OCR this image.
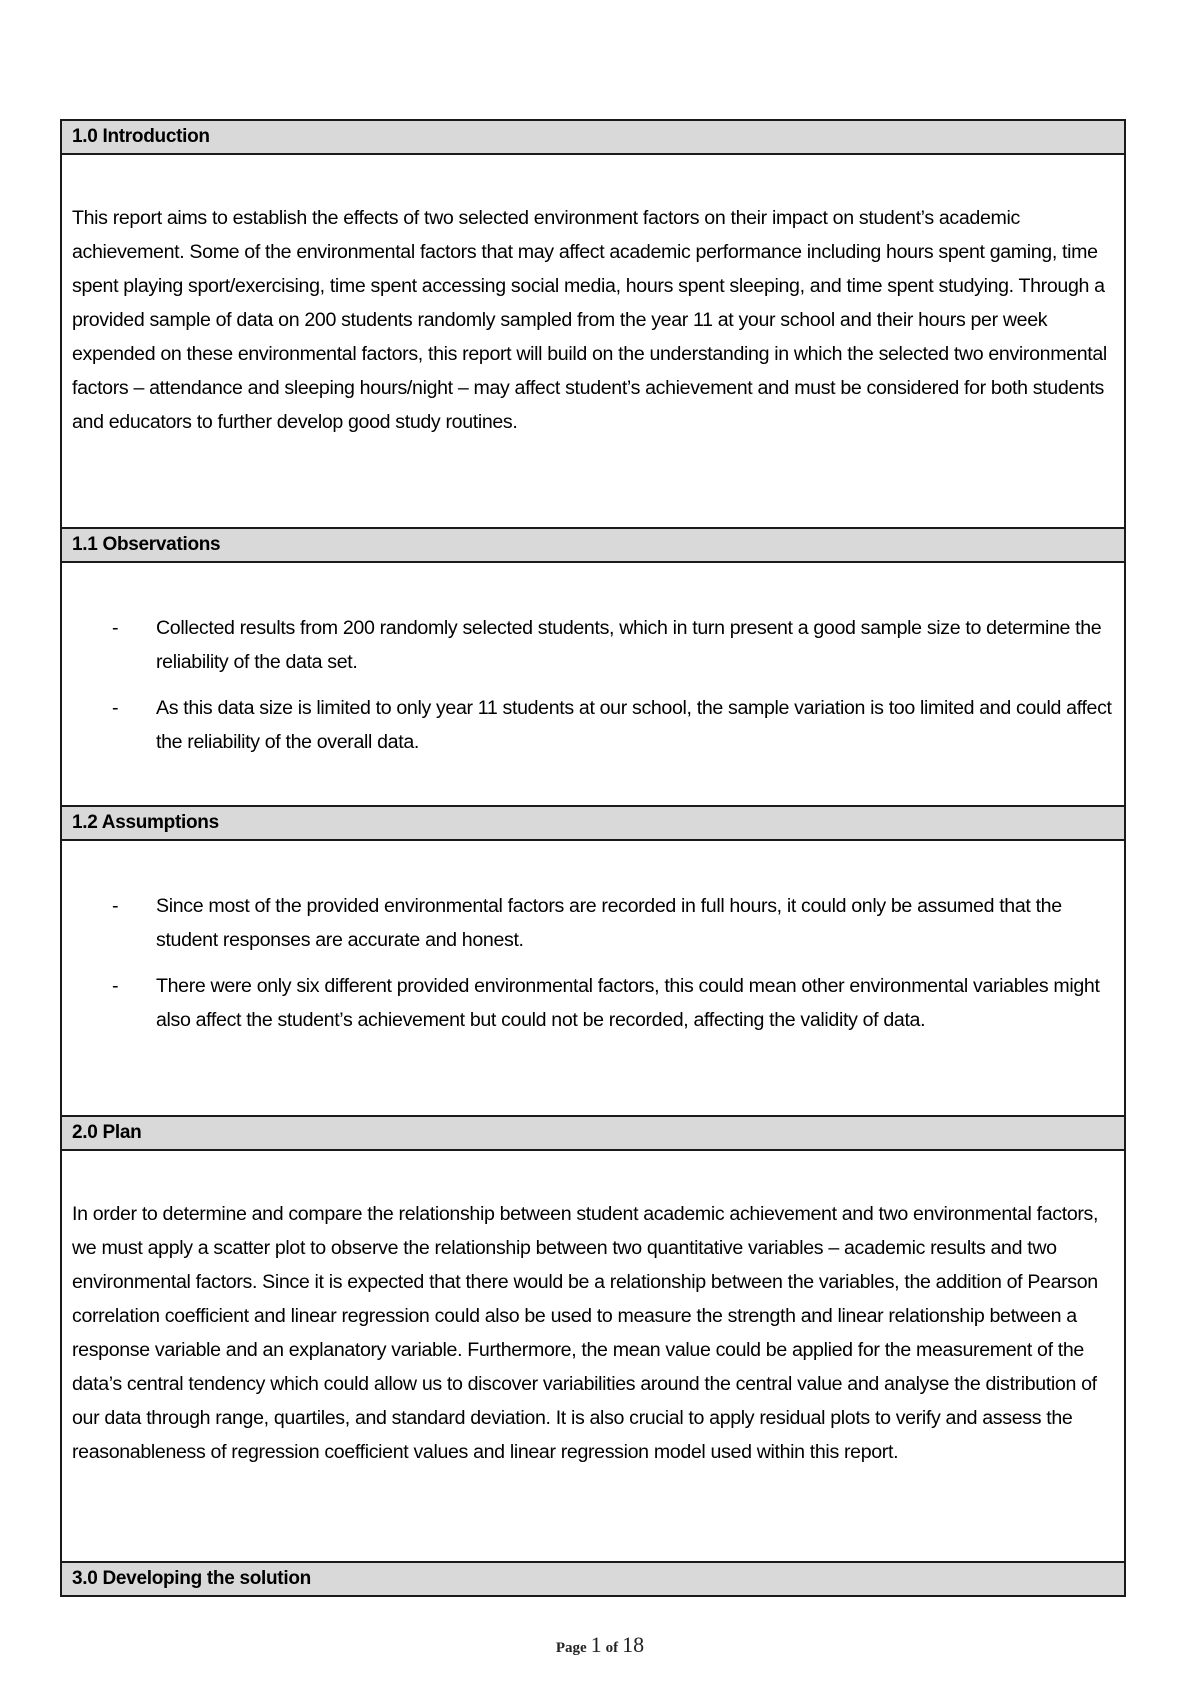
1.0 Introduction

This report aims to establish the effects of two selected environment factors on their impact on student’s academic achievement. Some of the environmental factors that may affect academic performance including hours spent gaming, time spent playing sport/exercising, time spent accessing social media, hours spent sleeping, and time spent studying. Through a provided sample of data on 200 students randomly sampled from the year 11 at your school and their hours per week expended on these environmental factors, this report will build on the understanding in which the selected two environmental factors – attendance and sleeping hours/night – may affect student’s achievement and must be considered for both students and educators to further develop good study routines.

1.1 Observations
- Collected results from 200 randomly selected students, which in turn present a good sample size to determine the reliability of the data set.
- As this data size is limited to only year 11 students at our school, the sample variation is too limited and could affect the reliability of the overall data.
1.2 Assumptions
- Since most of the provided environmental factors are recorded in full hours, it could only be assumed that the student responses are accurate and honest.
- There were only six different provided environmental factors, this could mean other environmental variables might also affect the student’s achievement but could not be recorded, affecting the validity of data.
2.0 Plan

In order to determine and compare the relationship between student academic achievement and two environmental factors, we must apply a scatter plot to observe the relationship between two quantitative variables – academic results and two environmental factors. Since it is expected that there would be a relationship between the variables, the addition of Pearson correlation coefficient and linear regression could also be used to measure the strength and linear relationship between a response variable and an explanatory variable. Furthermore, the mean value could be applied for the measurement of the data’s central tendency which could allow us to discover variabilities around the central value and analyse the distribution of our data through range, quartiles, and standard deviation. It is also crucial to apply residual plots to verify and assess the reasonableness of regression coefficient values and linear regression model used within this report.

3.0 Developing the solution
Page 1 of 18
